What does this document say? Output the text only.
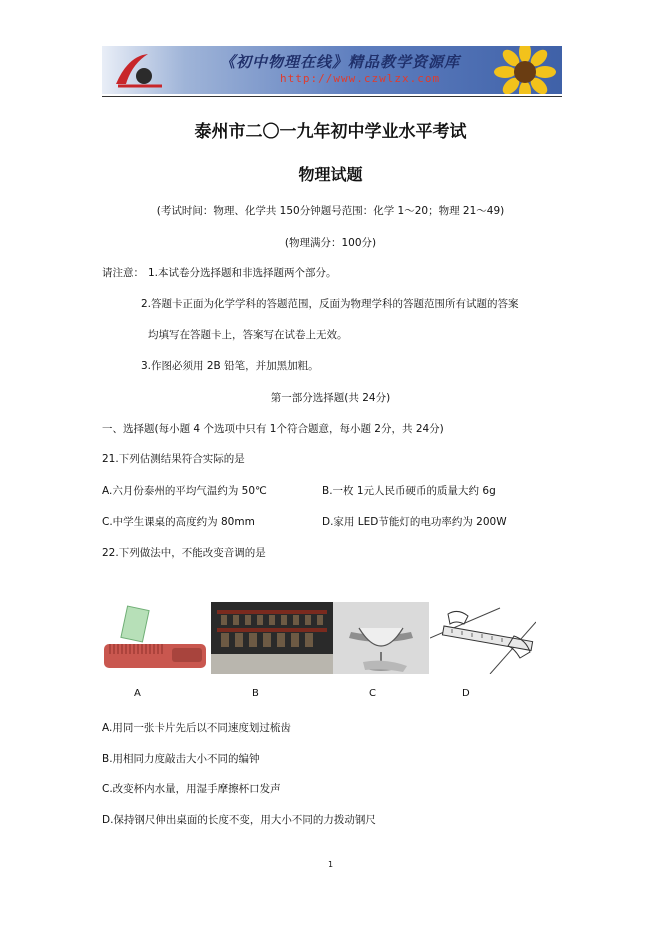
《初中物理在线》精品教学资源库
http://www.czwlzx.com
泰州市二〇一九年初中学业水平考试
物理试题
(考试时间：物理、化学共 150分钟题号范围：化学 1～20；物理 21～49)
(物理满分：100分)
请注意： 1.本试卷分选择题和非选择题两个部分。
2.答题卡正面为化学学科的答题范围，反面为物理学科的答题范围所有试题的答案
均填写在答题卡上，答案写在试卷上无效。
3.作图必须用 2B 铅笔，并加黑加粗。
第一部分选择题(共 24分)
一、选择题(每小题 4 个选项中只有 1个符合题意，每小题 2分，共 24分)
21.下列估测结果符合实际的是
A.六月份泰州的平均气温约为 50℃	B.一枚 1元人民币硬币的质量大约 6g
C.中学生课桌的高度约为 80mm	D.家用 LED节能灯的电功率约为 200W
22.下列做法中，不能改变音调的是
A	B	C	D
A.用同一张卡片先后以不同速度划过梳齿
B.用相同力度敲击大小不同的编钟
C.改变杯内水量，用湿手摩擦杯口发声
D.保持钢尺伸出桌面的长度不变，用大小不同的力拨动钢尺
1
